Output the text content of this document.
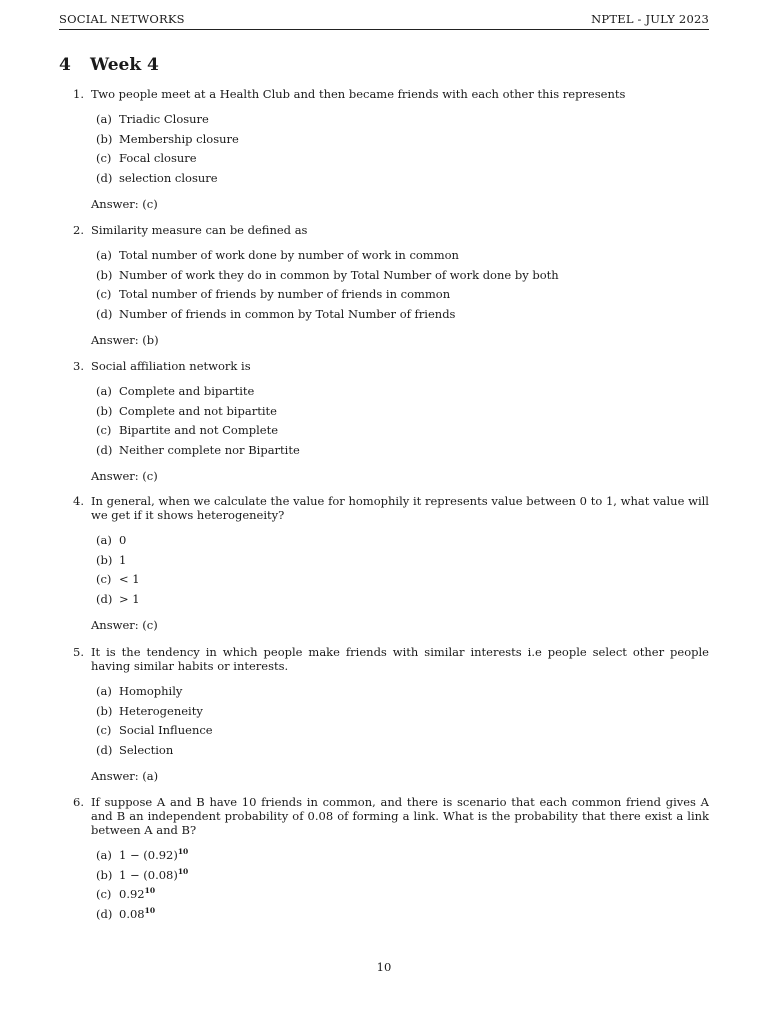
SOCIAL NETWORKS	NPTEL - JULY 2023
4 Week 4
1. Two people meet at a Health Club and then became friends with each other this represents
(a) Triadic Closure
(b) Membership closure
(c) Focal closure
(d) selection closure
Answer: (c)
2. Similarity measure can be defined as
(a) Total number of work done by number of work in common
(b) Number of work they do in common by Total Number of work done by both
(c) Total number of friends by number of friends in common
(d) Number of friends in common by Total Number of friends
Answer: (b)
3. Social affiliation network is
(a) Complete and bipartite
(b) Complete and not bipartite
(c) Bipartite and not Complete
(d) Neither complete nor Bipartite
Answer: (c)
4. In general, when we calculate the value for homophily it represents value between 0 to 1, what value will we get if it shows heterogeneity?
(a) 0
(b) 1
(c) < 1
(d) > 1
Answer: (c)
5. It is the tendency in which people make friends with similar interests i.e people select other people having similar habits or interests.
(a) Homophily
(b) Heterogeneity
(c) Social Influence
(d) Selection
Answer: (a)
6. If suppose A and B have 10 friends in common, and there is scenario that each common friend gives A and B an independent probability of 0.08 of forming a link. What is the probability that there exist a link between A and B?
(a) $1 - (0.92)^{10}$
(b) $1 - (0.08)^{10}$
(c) 0.92$^{10}$
(d) 0.08$^{10}$
10
